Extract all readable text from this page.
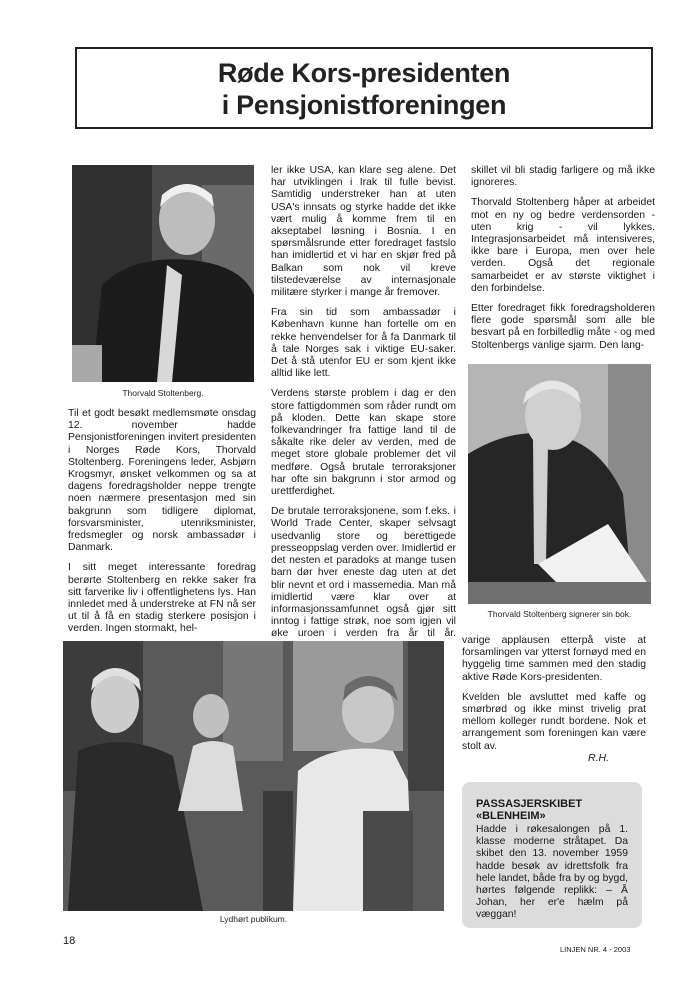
Røde Kors-presidenten
i Pensjonistforeningen
Thorvald Stoltenberg.

Til et godt besøkt medlemsmøte onsdag 12. november hadde Pensjonistforeningen invitert presidenten i Norges Røde Kors, Thorvald Stoltenberg. Foreningens leder, Asbjørn Krogsmyr, ønsket velkommen og sa at dagens foredragsholder neppe trengte noen nærmere presentasjon med sin bakgrunn som tidligere diplomat, forsvarsminister, utenriksminister, fredsmegler og norsk ambassadør i Danmark.

I sitt meget interessante foredrag berørte Stoltenberg en rekke saker fra sitt farverike liv i offentlighetens lys. Han innledet med å understreke at FN nå ser ut til å få en stadig sterkere posisjon i verden. Ingen stormakt, hel-

ler ikke USA, kan klare seg alene. Det har utviklingen i Irak til fulle bevist. Samtidig understreker han at uten USA's innsats og styrke hadde det ikke vært mulig å komme frem til en akseptabel løsning i Bosnia. I en spørsmålsrunde etter foredraget fastslo han imidlertid et vi har en skjør fred på Balkan som nok vil kreve tilstedeværelse av internasjonale militære styrker i mange år fremover.

Fra sin tid som ambassadør i København kunne han fortelle om en rekke henvendelser for å fa Danmark til å tale Norges sak i viktige EU-saker. Det å stå utenfor EU er som kjent ikke alltid like lett.

Verdens største problem i dag er den store fattigdommen som råder rundt om på kloden. Dette kan skape store folkevandringer fra fattige land til de såkalte rike deler av verden, med de meget store globale problemer det vil medføre. Også brutale terroraksjoner har ofte sin bakgrunn i stor armod og urettferdighet.

De brutale terroraksjonene, som f.eks. i World Trade Center, skaper selvsagt usedvanlig store og berettigede presseoppslag verden over. Imidlertid er det nesten et paradoks at mange tusen barn dør hver eneste dag uten at det blir nevnt et ord i massemedia. Man må imidlertid være klar over at informasjonssamfunnet også gjør sitt inntog i fattige strøk, noe som igjen vil øke uroen i verden fra år til år.

skillet vil bli stadig farligere og må ikke ignoreres.

Thorvald Stoltenberg håper at arbeidet mot en ny og bedre verdensorden - uten krig - vil lykkes. Integrasjonsarbeidet må intensiveres, ikke bare i Europa, men over hele verden. Også det regionale samarbeidet er av største viktighet i den forbindelse.

Etter foredraget fikk foredragsholderen flere gode spørsmål som alle ble besvart på en forbilledlig måte - og med Stoltenbergs vanlige sjarm. Den lang-

Thorvald Stoltenberg signerer sin bok.

varige applausen etterpå viste at forsamlingen var ytterst fornøyd med en hyggelig time sammen med den stadig aktive Røde Kors-presidenten.

Kvelden ble avsluttet med kaffe og smørbrød og ikke minst trivelig prat mellom kolleger rundt bordene. Nok et arrangement som foreningen kan være stolt av.

R.H.
Lydhørt publikum.
PASSASJERSKIBET
«BLENHEIM»

Hadde i røkesalongen på 1. klasse moderne stråtapet. Da skibet den 13. november 1959 hadde besøk av idrettsfolk fra hele landet, både fra by og bygd, hørtes følgende replikk: – Å Johan, her er'e hælm på væggan!

18
LINJEN NR. 4 - 2003
